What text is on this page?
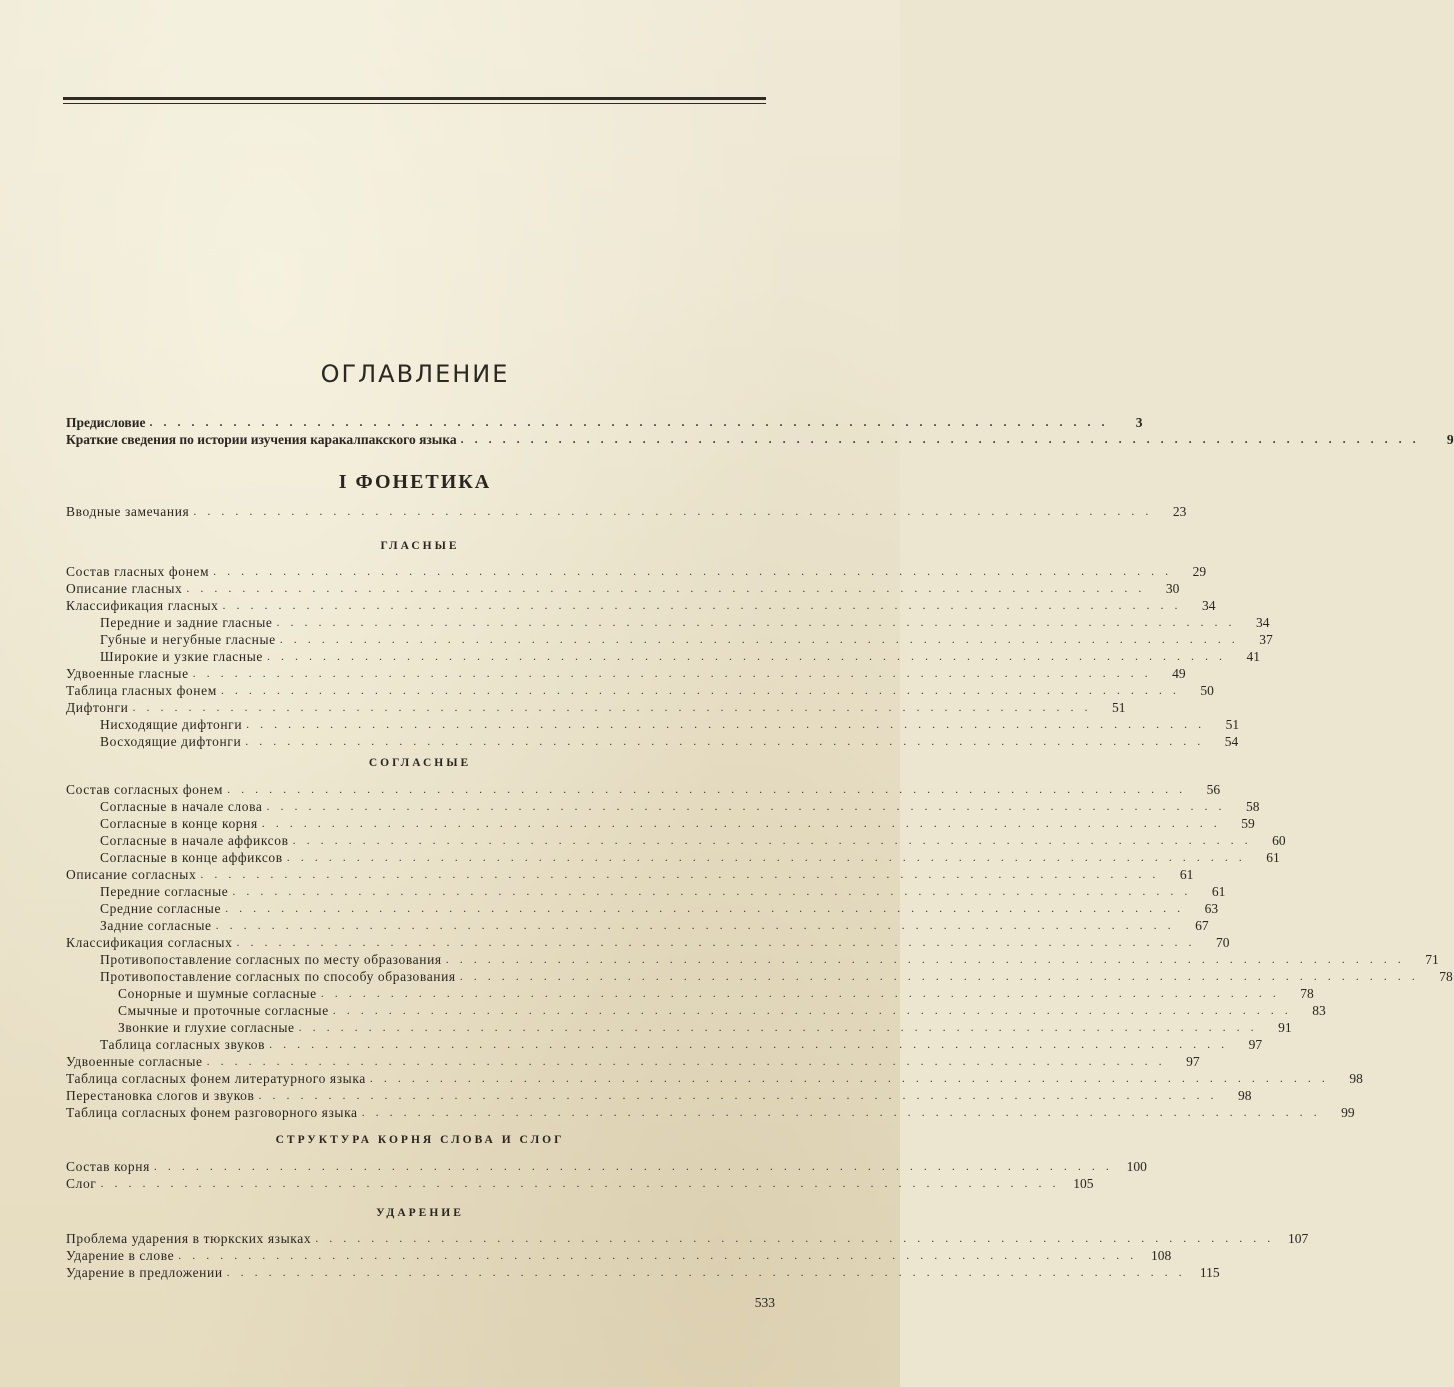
ОГЛАВЛЕНИЕ
Предисловие . . . . . . . . . . . . . . . . . . . . . . . . . . . . . . . . . . . . . . . . . . . . . . . . . . . . . . . . . . . . . . . . . . . . .	3
Краткие сведения по истории изучения каракалпакского языка . . . . . . . . . . . . . . . . . . . . . . . . . . . . . . . . . . . . . . . . . . . . . . . . . . . . . . . . . . . . . . . . . . . . .	9
I ФОНЕТИКА
Вводные замечания . . . . . . . . . . . . . . . . . . . . . . . . . . . . . . . . . . . . . . . . . . . . . . . . . . . . . . . . . . . . . . . . . . . . .	23
ГЛАСНЫЕ
Состав гласных фонем . . . . . . . . . . . . . . . . . . . . . . . . . . . . . . . . . . . . . . . . . . . . . . . . . . . . . . . . . . . . . . . . . . . . .	29
Описание гласных . . . . . . . . . . . . . . . . . . . . . . . . . . . . . . . . . . . . . . . . . . . . . . . . . . . . . . . . . . . . . . . . . . . . .	30
Классификация гласных . . . . . . . . . . . . . . . . . . . . . . . . . . . . . . . . . . . . . . . . . . . . . . . . . . . . . . . . . . . . . . . . . . . . .	34
Передние и задние гласные . . . . . . . . . . . . . . . . . . . . . . . . . . . . . . . . . . . . . . . . . . . . . . . . . . . . . . . . . . . . . . . . . . . . .	34
Губные и негубные гласные . . . . . . . . . . . . . . . . . . . . . . . . . . . . . . . . . . . . . . . . . . . . . . . . . . . . . . . . . . . . . . . . . . . . .	37
Широкие и узкие гласные . . . . . . . . . . . . . . . . . . . . . . . . . . . . . . . . . . . . . . . . . . . . . . . . . . . . . . . . . . . . . . . . . . . . .	41
Удвоенные гласные . . . . . . . . . . . . . . . . . . . . . . . . . . . . . . . . . . . . . . . . . . . . . . . . . . . . . . . . . . . . . . . . . . . . .	49
Таблица гласных фонем . . . . . . . . . . . . . . . . . . . . . . . . . . . . . . . . . . . . . . . . . . . . . . . . . . . . . . . . . . . . . . . . . . . . .	50
Дифтонги . . . . . . . . . . . . . . . . . . . . . . . . . . . . . . . . . . . . . . . . . . . . . . . . . . . . . . . . . . . . . . . . . . . . .	51
Нисходящие дифтонги . . . . . . . . . . . . . . . . . . . . . . . . . . . . . . . . . . . . . . . . . . . . . . . . . . . . . . . . . . . . . . . . . . . . .	51
Восходящие дифтонги . . . . . . . . . . . . . . . . . . . . . . . . . . . . . . . . . . . . . . . . . . . . . . . . . . . . . . . . . . . . . . . . . . . . .	54
СОГЛАСНЫЕ
Состав согласных фонем . . . . . . . . . . . . . . . . . . . . . . . . . . . . . . . . . . . . . . . . . . . . . . . . . . . . . . . . . . . . . . . . . . . . .	56
Согласные в начале слова . . . . . . . . . . . . . . . . . . . . . . . . . . . . . . . . . . . . . . . . . . . . . . . . . . . . . . . . . . . . . . . . . . . . .	58
Согласные в конце корня . . . . . . . . . . . . . . . . . . . . . . . . . . . . . . . . . . . . . . . . . . . . . . . . . . . . . . . . . . . . . . . . . . . . .	59
Согласные в начале аффиксов . . . . . . . . . . . . . . . . . . . . . . . . . . . . . . . . . . . . . . . . . . . . . . . . . . . . . . . . . . . . . . . . . . . . .	60
Согласные в конце аффиксов . . . . . . . . . . . . . . . . . . . . . . . . . . . . . . . . . . . . . . . . . . . . . . . . . . . . . . . . . . . . . . . . . . . . .	61
Описание согласных . . . . . . . . . . . . . . . . . . . . . . . . . . . . . . . . . . . . . . . . . . . . . . . . . . . . . . . . . . . . . . . . . . . . .	61
Передние согласные . . . . . . . . . . . . . . . . . . . . . . . . . . . . . . . . . . . . . . . . . . . . . . . . . . . . . . . . . . . . . . . . . . . . .	61
Средние согласные . . . . . . . . . . . . . . . . . . . . . . . . . . . . . . . . . . . . . . . . . . . . . . . . . . . . . . . . . . . . . . . . . . . . .	63
Задние согласные . . . . . . . . . . . . . . . . . . . . . . . . . . . . . . . . . . . . . . . . . . . . . . . . . . . . . . . . . . . . . . . . . . . . .	67
Классификация согласных . . . . . . . . . . . . . . . . . . . . . . . . . . . . . . . . . . . . . . . . . . . . . . . . . . . . . . . . . . . . . . . . . . . . .	70
Противопоставление согласных по месту образования . . . . . . . . . . . . . . . . . . . . . . . . . . . . . . . . . . . . . . . . . . . . . . . . . . . . . . . . . . . . . . . . . . . . .	71
Противопоставление согласных по способу образования . . . . . . . . . . . . . . . . . . . . . . . . . . . . . . . . . . . . . . . . . . . . . . . . . . . . . . . . . . . . . . . . . . . . .	78
Сонорные и шумные согласные . . . . . . . . . . . . . . . . . . . . . . . . . . . . . . . . . . . . . . . . . . . . . . . . . . . . . . . . . . . . . . . . . . . . .	78
Смычные и проточные согласные . . . . . . . . . . . . . . . . . . . . . . . . . . . . . . . . . . . . . . . . . . . . . . . . . . . . . . . . . . . . . . . . . . . . .	83
Звонкие и глухие согласные . . . . . . . . . . . . . . . . . . . . . . . . . . . . . . . . . . . . . . . . . . . . . . . . . . . . . . . . . . . . . . . . . . . . .	91
Таблица согласных звуков . . . . . . . . . . . . . . . . . . . . . . . . . . . . . . . . . . . . . . . . . . . . . . . . . . . . . . . . . . . . . . . . . . . . .	97
Удвоенные согласные . . . . . . . . . . . . . . . . . . . . . . . . . . . . . . . . . . . . . . . . . . . . . . . . . . . . . . . . . . . . . . . . . . . . .	97
Таблица согласных фонем литературного языка . . . . . . . . . . . . . . . . . . . . . . . . . . . . . . . . . . . . . . . . . . . . . . . . . . . . . . . . . . . . . . . . . . . . .	98
Перестановка слогов и звуков . . . . . . . . . . . . . . . . . . . . . . . . . . . . . . . . . . . . . . . . . . . . . . . . . . . . . . . . . . . . . . . . . . . . .	98
Таблица согласных фонем разговорного языка . . . . . . . . . . . . . . . . . . . . . . . . . . . . . . . . . . . . . . . . . . . . . . . . . . . . . . . . . . . . . . . . . . . . .	99
СТРУКТУРА КОРНЯ СЛОВА И СЛОГ
Состав корня . . . . . . . . . . . . . . . . . . . . . . . . . . . . . . . . . . . . . . . . . . . . . . . . . . . . . . . . . . . . . . . . . . . . .	100
Слог . . . . . . . . . . . . . . . . . . . . . . . . . . . . . . . . . . . . . . . . . . . . . . . . . . . . . . . . . . . . . . . . . . . . .	105
УДАРЕНИЕ
Проблема ударения в тюркских языках . . . . . . . . . . . . . . . . . . . . . . . . . . . . . . . . . . . . . . . . . . . . . . . . . . . . . . . . . . . . . . . . . . . . .	107
Ударение в слове . . . . . . . . . . . . . . . . . . . . . . . . . . . . . . . . . . . . . . . . . . . . . . . . . . . . . . . . . . . . . . . . . . . . .	108
Ударение в предложении . . . . . . . . . . . . . . . . . . . . . . . . . . . . . . . . . . . . . . . . . . . . . . . . . . . . . . . . . . . . . . . . . . . . .	115
533
